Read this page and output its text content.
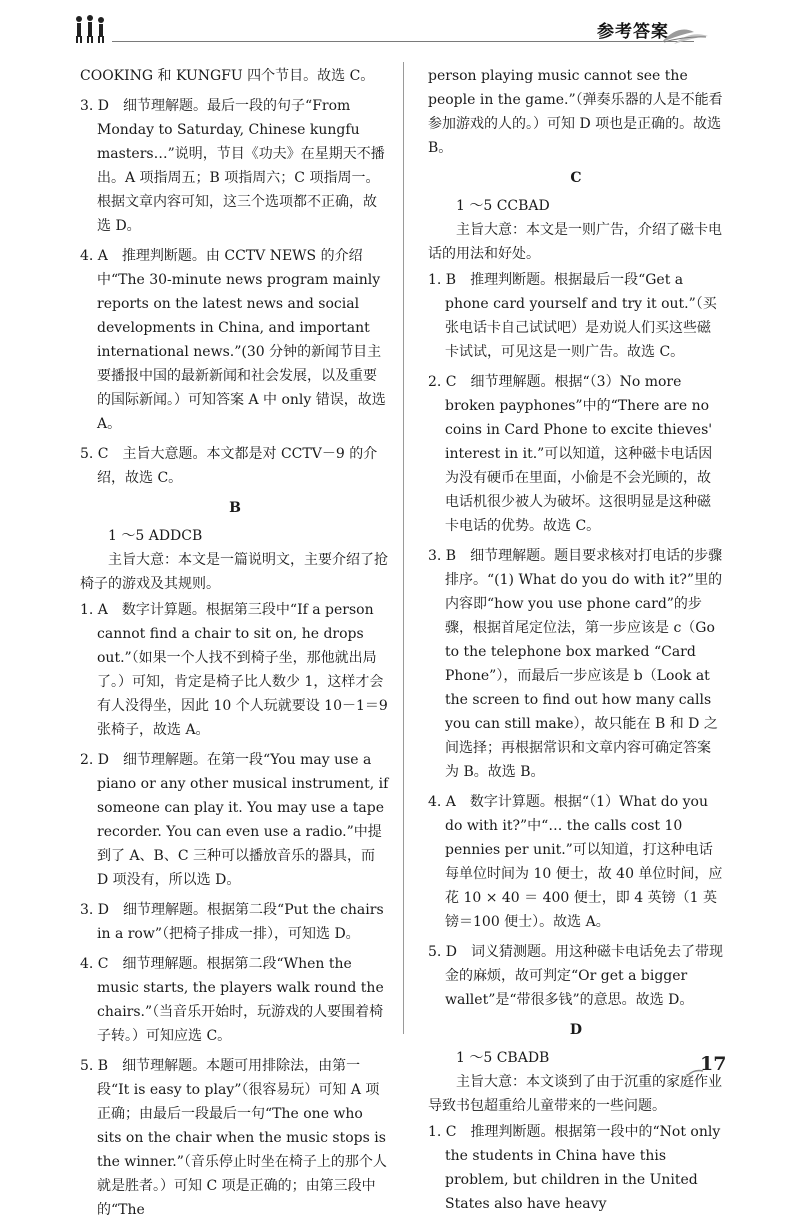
参考答案

COOKING 和 KUNGFU 四个节目。故选 C。

3. D　细节理解题。最后一段的句子“From Monday to Saturday, Chinese kungfu masters…”说明，节目《功夫》在星期天不播出。A 项指周五；B 项指周六；C 项指周一。根据文章内容可知，这三个选项都不正确，故选 D。

4. A　推理判断题。由 CCTV NEWS 的介绍中“The 30-minute news program mainly reports on the latest news and social developments in China, and important international news.”(30 分钟的新闻节目主要播报中国的最新新闻和社会发展，以及重要的国际新闻。）可知答案 A 中 only 错误，故选 A。

5. C　主旨大意题。本文都是对 CCTV－9 的介绍，故选 C。

B

1 ～5 ADDCB

主旨大意：本文是一篇说明文，主要介绍了抢椅子的游戏及其规则。

1. A　数字计算题。根据第三段中“If a person cannot find a chair to sit on, he drops out.”（如果一个人找不到椅子坐，那他就出局了。）可知，肯定是椅子比人数少 1，这样才会有人没得坐，因此 10 个人玩就要设 10－1＝9 张椅子，故选 A。

2. D　细节理解题。在第一段“You may use a piano or any other musical instrument, if someone can play it. You may use a tape recorder. You can even use a radio.”中提到了 A、B、C 三种可以播放音乐的器具，而 D 项没有，所以选 D。

3. D　细节理解题。根据第二段“Put the chairs in a row”（把椅子排成一排），可知选 D。

4. C　细节理解题。根据第二段“When the music starts, the players walk round the chairs.”（当音乐开始时，玩游戏的人要围着椅子转。）可知应选 C。

5. B　细节理解题。本题可用排除法，由第一段“It is easy to play”（很容易玩）可知 A 项正确；由最后一段最后一句“The one who sits on the chair when the music stops is the winner.”（音乐停止时坐在椅子上的那个人就是胜者。）可知 C 项是正确的；由第三段中的“The

person playing music cannot see the people in the game.”（弹奏乐器的人是不能看参加游戏的人的。）可知 D 项也是正确的。故选 B。

C

1 ～5 CCBAD

主旨大意：本文是一则广告，介绍了磁卡电话的用法和好处。

1. B　推理判断题。根据最后一段“Get a phone card yourself and try it out.”（买张电话卡自己试试吧）是劝说人们买这些磁卡试试，可见这是一则广告。故选 C。

2. C　细节理解题。根据“（3）No more broken payphones”中的“There are no coins in Card Phone to excite thieves' interest in it.”可以知道，这种磁卡电话因为没有硬币在里面，小偷是不会光顾的，故电话机很少被人为破坏。这很明显是这种磁卡电话的优势。故选 C。

3. B　细节理解题。题目要求核对打电话的步骤排序。“(1) What do you do with it?”里的内容即“how you use phone card”的步骤，根据首尾定位法，第一步应该是 c（Go to the telephone box marked “Card Phone”），而最后一步应该是 b（Look at the screen to find out how many calls you can still make），故只能在 B 和 D 之间选择；再根据常识和文章内容可确定答案为 B。故选 B。

4. A　数字计算题。根据“（1）What do you do with it?”中“… the calls cost 10 pennies per unit.”可以知道，打这种电话每单位时间为 10 便士，故 40 单位时间，应花 10 × 40 ＝ 400 便士，即 4 英镑（1 英镑＝100 便士）。故选 A。

5. D　词义猜测题。用这种磁卡电话免去了带现金的麻烦，故可判定“Or get a bigger wallet”是“带很多钱”的意思。故选 D。

D

1 ～5 CBADB

主旨大意：本文谈到了由于沉重的家庭作业导致书包超重给儿童带来的一些问题。

1. C　推理判断题。根据第一段中的“Not only the students in China have this problem, but children in the United States also have heavy

17
